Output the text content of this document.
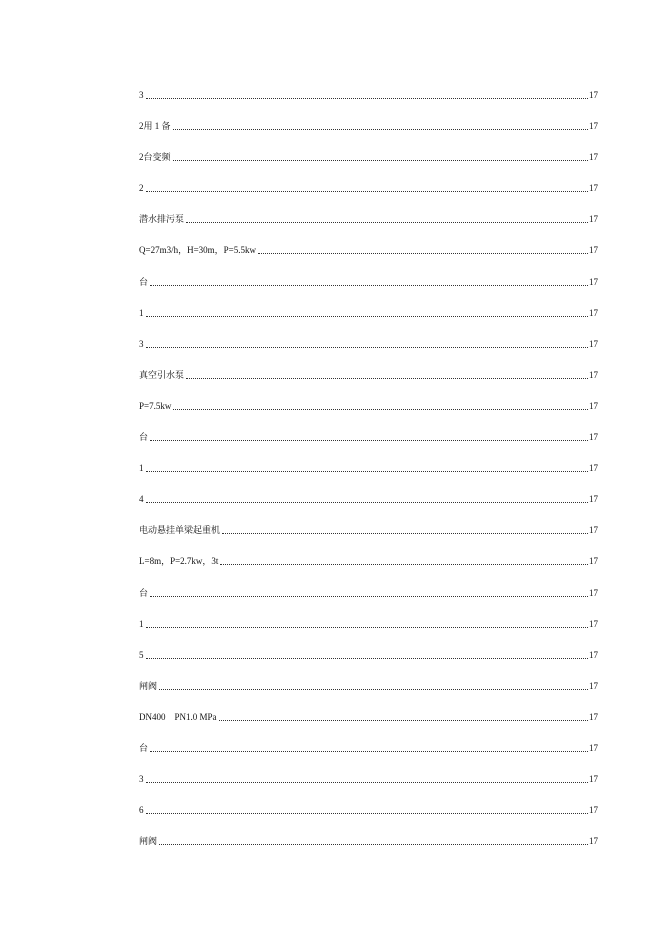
3	17
2用 1 备	17
2台变频	17
2	17
潜水排污泵	17
Q=27m3/h，H=30m，P=5.5kw	17
台	17
1	17
3	17
真空引水泵	17
P=7.5kw	17
台	17
1	17
4	17
电动悬挂单梁起重机	17
L=8m，P=2.7kw，3t	17
台	17
1	17
5	17
闸阀	17
DN400    PN1.0 MPa	17
台	17
3	17
6	17
闸阀	17
